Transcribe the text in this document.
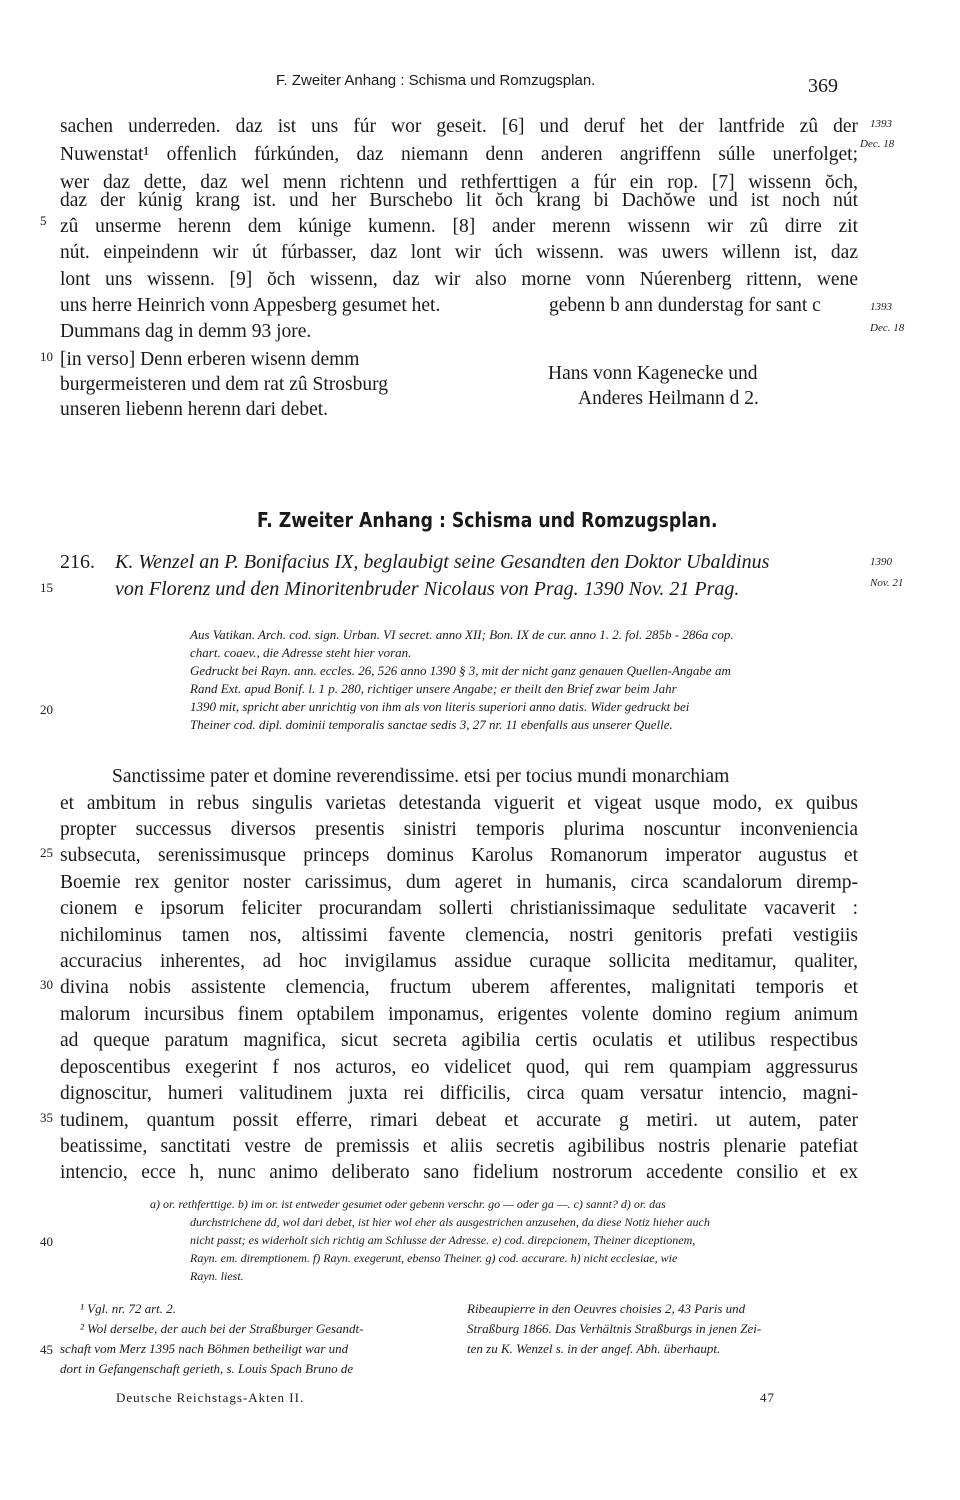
F. Zweiter Anhang : Schisma und Romzugsplan.	369
sachen underreden. daz ist uns fúr wor geseit. [6] und deruf het der lantfride zû der
Nuwenstat¹ offenlich fúrkúnden, daz niemann denn anderen angriffenn súlle unerfolget;
wer daz dette, daz wel menn richtenn und rethferttigen a fúr ein rop. [7] wissenn ŏch,
daz der kúnig krang ist. und her Burschebo lit ŏch krang bi Dachŏwe und ist noch nút
zû unserme herenn dem kúnige kumenn. [8] ander merenn wissenn wir zû dirre zit
nút. einpeindenn wir út fúrbasser, daz lont wir úch wissenn. was uwers willenn ist, daz
lont uns wissenn. [9] ŏch wissenn, daz wir also morne vonn Núerenberg rittenn, wene
uns herre Heinrich vonn Appesberg gesumet het.	gebenn b ann dunderstag for sant c
Dummans dag in demm 93 jore.
5
10
1393
Dec. 18
1393
Dec. 18
[in verso] Denn erberen wisenn demm
burgermeisteren und dem rat zû Strosburg
unseren liebenn herenn dari debet.
Hans vonn Kagenecke und
Anderes Heilmann d 2.
F. Zweiter Anhang : Schisma und Romzugsplan.
216. K. Wenzel an P. Bonifacius IX, beglaubigt seine Gesandten den Doktor Ubaldinus
von Florenz und den Minoritenbruder Nicolaus von Prag. 1390 Nov. 21 Prag.
15
1390
Nov. 21
Aus Vatikan. Arch. cod. sign. Urban. VI secret. anno XII; Bon. IX de cur. anno 1. 2. fol. 285b - 286a cop.
chart. coaev., die Adresse steht hier voran.
Gedruckt bei Rayn. ann. eccles. 26, 526 anno 1390 § 3, mit der nicht ganz genauen Quellen-Angabe am
Rand Ext. apud Bonif. l. 1 p. 280, richtiger unsere Angabe; er theilt den Brief zwar beim Jahr
1390 mit, spricht aber unrichtig von ihm als von literis superiori anno datis. Wider gedruckt bei
Theiner cod. dipl. dominii temporalis sanctae sedis 3, 27 nr. 11 ebenfalls aus unserer Quelle.
20
Sanctissime pater et domine reverendissime. etsi per tocius mundi monarchiam
et ambitum in rebus singulis varietas detestanda viguerit et vigeat usque modo, ex quibus
propter successus diversos presentis sinistri temporis plurima noscuntur inconveniencia
subsecuta, serenissimusque princeps dominus Karolus Romanorum imperator augustus et
Boemie rex genitor noster carissimus, dum ageret in humanis, circa scandalorum diremp-
cionem e ipsorum feliciter procurandam sollerti christianissimaque sedulitate vacaverit :
nichilominus tamen nos, altissimi favente clemencia, nostri genitoris prefati vestigiis
accuracius inherentes, ad hoc invigilamus assidue curaque sollicita meditamur, qualiter,
divina nobis assistente clemencia, fructum uberem afferentes, malignitati temporis et
malorum incursibus finem optabilem imponamus, erigentes volente domino regium animum
ad queque paratum magnifica, sicut secreta agibilia certis oculatis et utilibus respectibus
deposcentibus exegerint f nos acturos, eo videlicet quod, qui rem quampiam aggressurus
dignoscitur, humeri valitudinem juxta rei difficilis, circa quam versatur intencio, magni-
tudinem, quantum possit efferre, rimari debeat et accurate g metiri. ut autem, pater
beatissime, sanctitati vestre de premissis et aliis secretis agibilibus nostris plenarie patefiat
intencio, ecce h, nunc animo deliberato sano fidelium nostrorum accedente consilio et ex
25
30
35
a) or. rethferttige. b) im or. ist entweder gesumet oder gebenn verschr. go — oder ga —. c) sannt? d) or. das
durchstrichene dd, wol dari debet, ist hier wol eher als ausgestrichen anzusehen, da diese Notiz hieher auch
nicht passt; es widerholt sich richtig am Schlusse der Adresse. e) cod. direpcionem, Theiner diceptionem,
Rayn. em. diremptionem. f) Rayn. exegerunt, ebenso Theiner. g) cod. accurare. h) nicht ecclesiae, wie
Rayn. liest.
40
¹ Vgl. nr. 72 art. 2.
² Wol derselbe, der auch bei der Straßburger Gesandt-
schaft vom Merz 1395 nach Böhmen betheiligt war und
dort in Gefangenschaft gerieth, s. Louis Spach Bruno de
Ribeaupierre in den Oeuvres choisies 2, 43 Paris und
Straßburg 1866. Das Verhältnis Straßburgs in jenen Zei-
ten zu K. Wenzel s. in der angef. Abh. überhaupt.
45
Deutsche Reichstags-Akten II.	47
